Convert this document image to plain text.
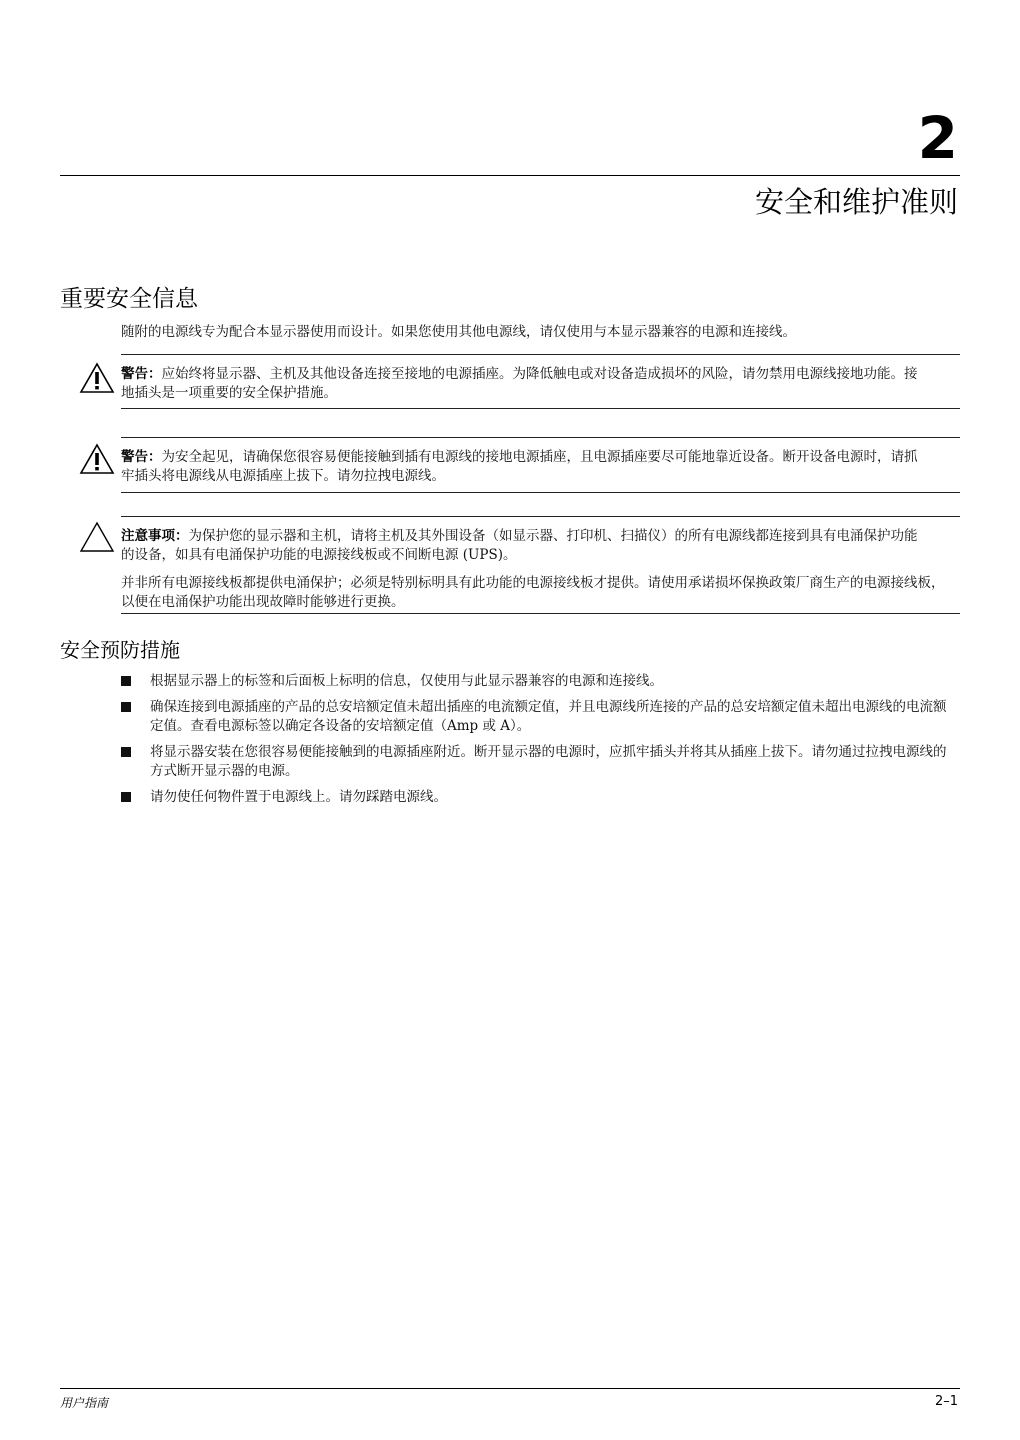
2
安全和维护准则
重要安全信息
随附的电源线专为配合本显示器使用而设计。如果您使用其他电源线，请仅使用与本显示器兼容的电源和连接线。
警告：应始终将显示器、主机及其他设备连接至接地的电源插座。为降低触电或对设备造成损坏的风险，请勿禁用电源线接地功能。接地插头是一项重要的安全保护措施。
警告：为安全起见，请确保您很容易便能接触到插有电源线的接地电源插座，且电源插座要尽可能地靠近设备。断开设备电源时，请抓牢插头将电源线从电源插座上拔下。请勿拉拽电源线。
注意事项：为保护您的显示器和主机，请将主机及其外围设备（如显示器、打印机、扫描仪）的所有电源线都连接到具有电涌保护功能的设备，如具有电涌保护功能的电源接线板或不间断电源 (UPS)。
并非所有电源接线板都提供电涌保护；必须是特别标明具有此功能的电源接线板才提供。请使用承诺损坏保换政策厂商生产的电源接线板，以便在电涌保护功能出现故障时能够进行更换。
安全预防措施
根据显示器上的标签和后面板上标明的信息，仅使用与此显示器兼容的电源和连接线。
确保连接到电源插座的产品的总安培额定值未超出插座的电流额定值，并且电源线所连接的产品的总安培额定值未超出电源线的电流额定值。查看电源标签以确定各设备的安培额定值（Amp 或 A）。
将显示器安装在您很容易便能接触到的电源插座附近。断开显示器的电源时，应抓牢插头并将其从插座上拔下。请勿通过拉拽电源线的方式断开显示器的电源。
请勿使任何物件置于电源线上。请勿踩踏电源线。
用户指南	2–1
